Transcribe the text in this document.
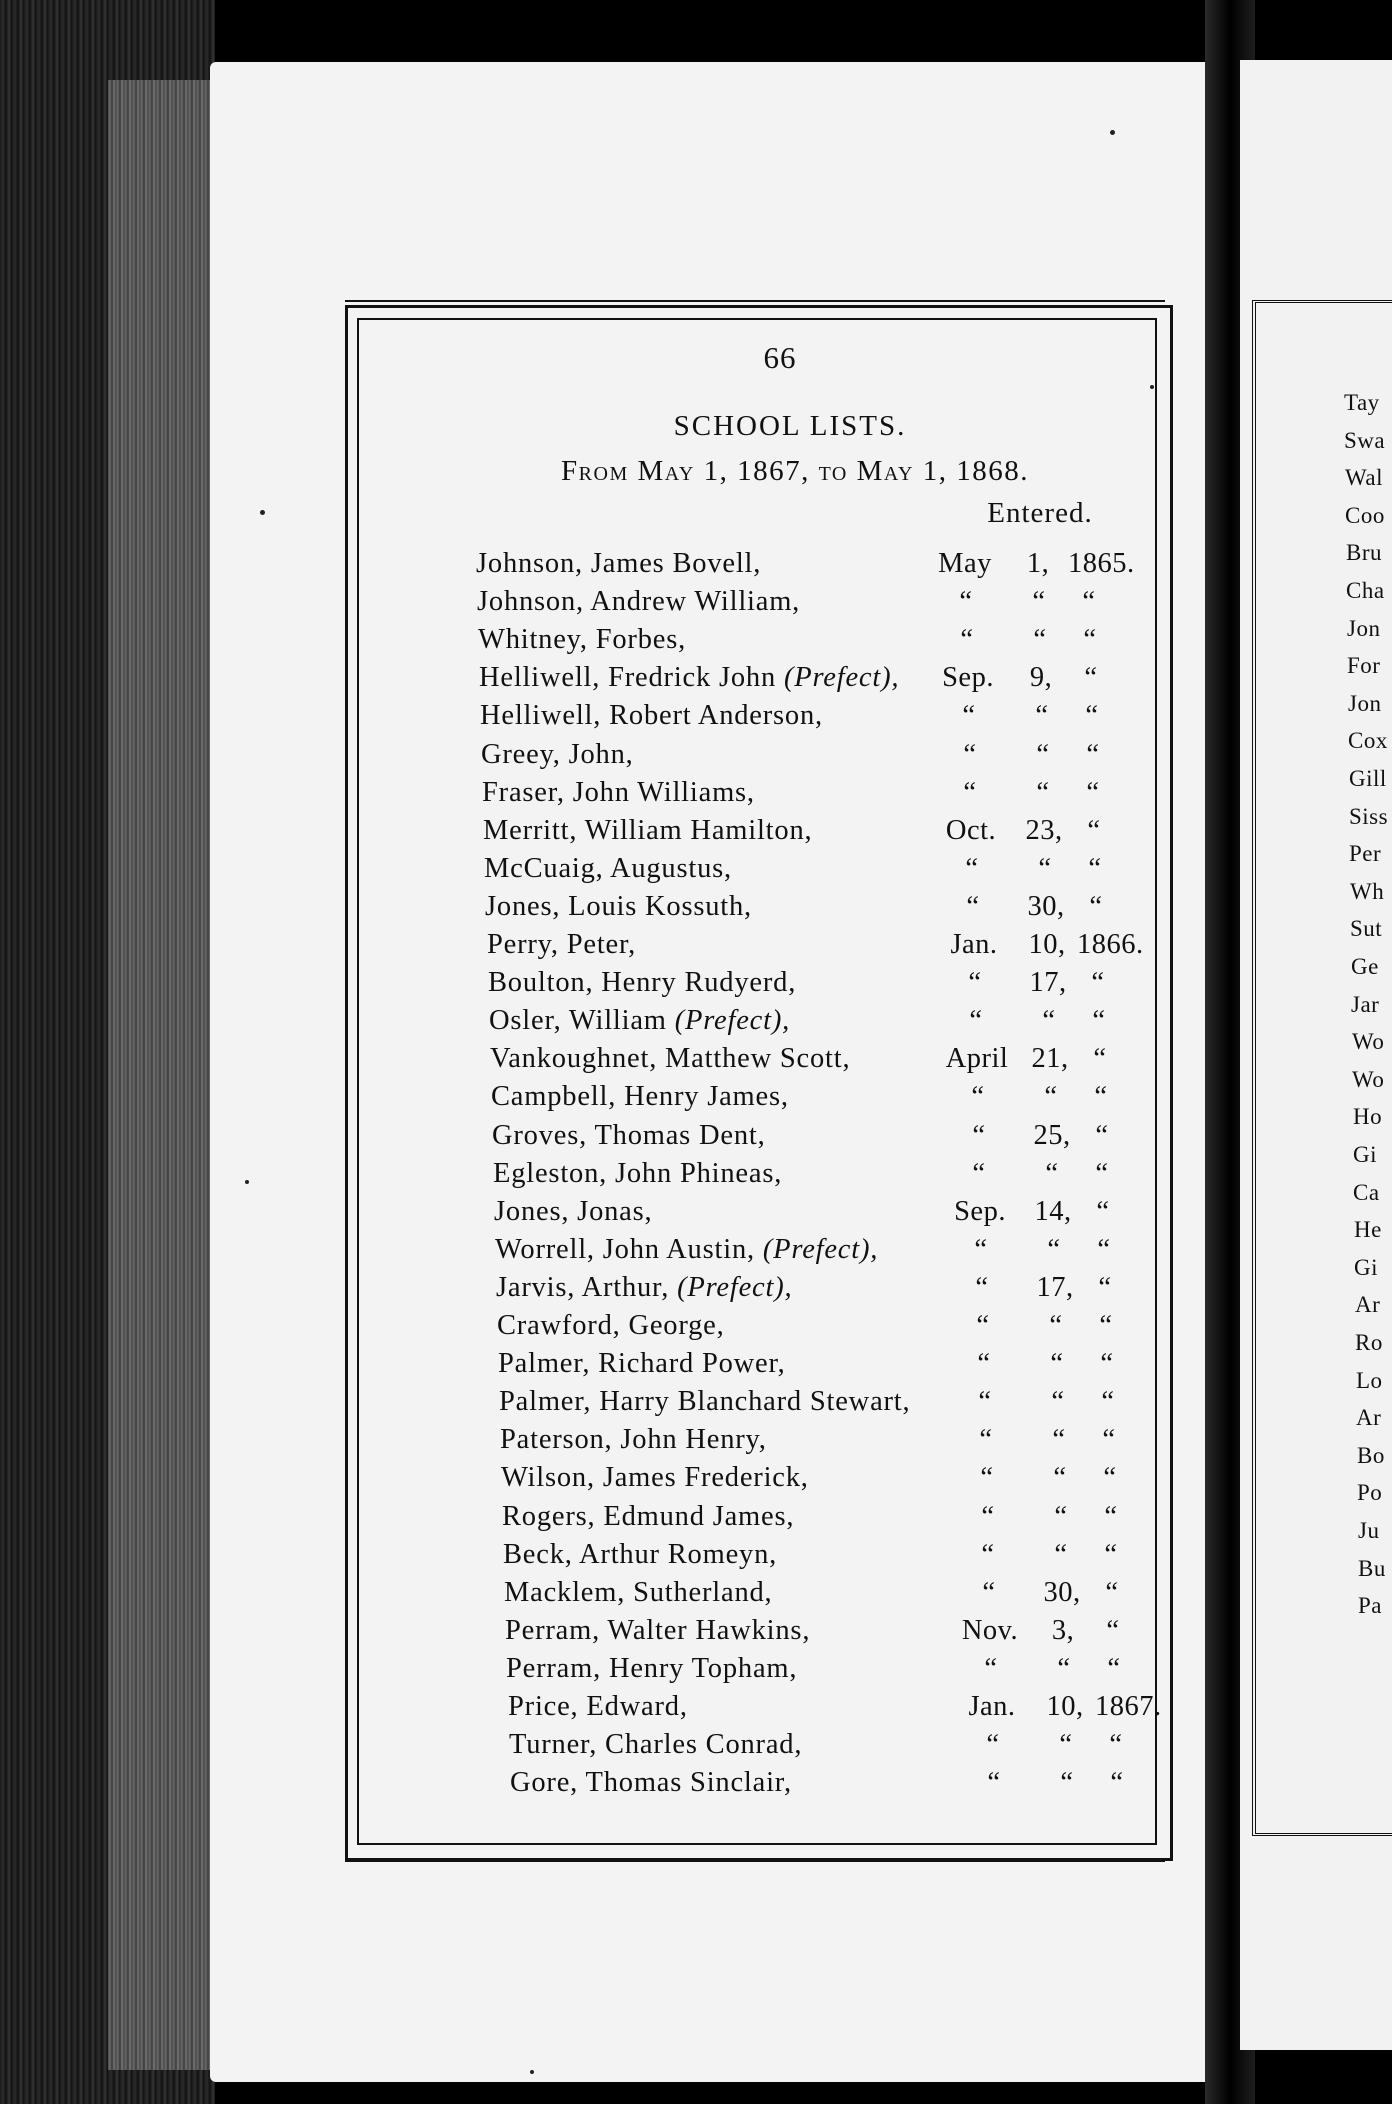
Tay
Swa
Wal
Coo
Bru
Cha
Jon
For
Jon
Cox
Gill
Siss
Per
Wh
Sut
Ge
Jar
Wo
Wo
Ho
Gi
Ca
He
Gi
Ar
Ro
Lo
Ar
Bo
Po
Ju
Bu
Pa
66
SCHOOL LISTS.
From May 1, 1867, to May 1, 1868.
Entered.
Johnson, James Bovell,	May	1, 1865.
Johnson, Andrew William,	“	“	“
Whitney, Forbes,	“	“	“
Helliwell, Fredrick John (Prefect),	Sep.	9,	“
Helliwell, Robert Anderson,	“	“	“
Greey, John,	“	“	“
Fraser, John Williams,	“	“	“
Merritt, William Hamilton,	Oct.	23, “
McCuaig, Augustus,	“	“	“
Jones, Louis Kossuth,	“	30, “
Perry, Peter,	Jan.	10, 1866.
Boulton, Henry Rudyerd,	“	17, “
Osler, William (Prefect),	“	“	“
Vankoughnet, Matthew Scott,	April 21, “
Campbell, Henry James,	“	“	“
Groves, Thomas Dent,	“	25, “
Egleston, John Phineas,	“	“	“
Jones, Jonas,	Sep.	14, “
Worrell, John Austin, (Prefect),	“	“	“
Jarvis, Arthur, (Prefect),	“	17, “
Crawford, George,	“	“	“
Palmer, Richard Power,	“	“	“
Palmer, Harry Blanchard Stewart,	“	“	“
Paterson, John Henry,	“	“	“
Wilson, James Frederick,	“	“	“
Rogers, Edmund James,	“	“	“
Beck, Arthur Romeyn,	“	“	“
Macklem, Sutherland,	“	30, “
Perram, Walter Hawkins,	Nov.	3,	“
Perram, Henry Topham,	“	“	“
Price, Edward,	Jan.	10, 1867.
Turner, Charles Conrad,	“	“	“
Gore, Thomas Sinclair,	“	“	“
